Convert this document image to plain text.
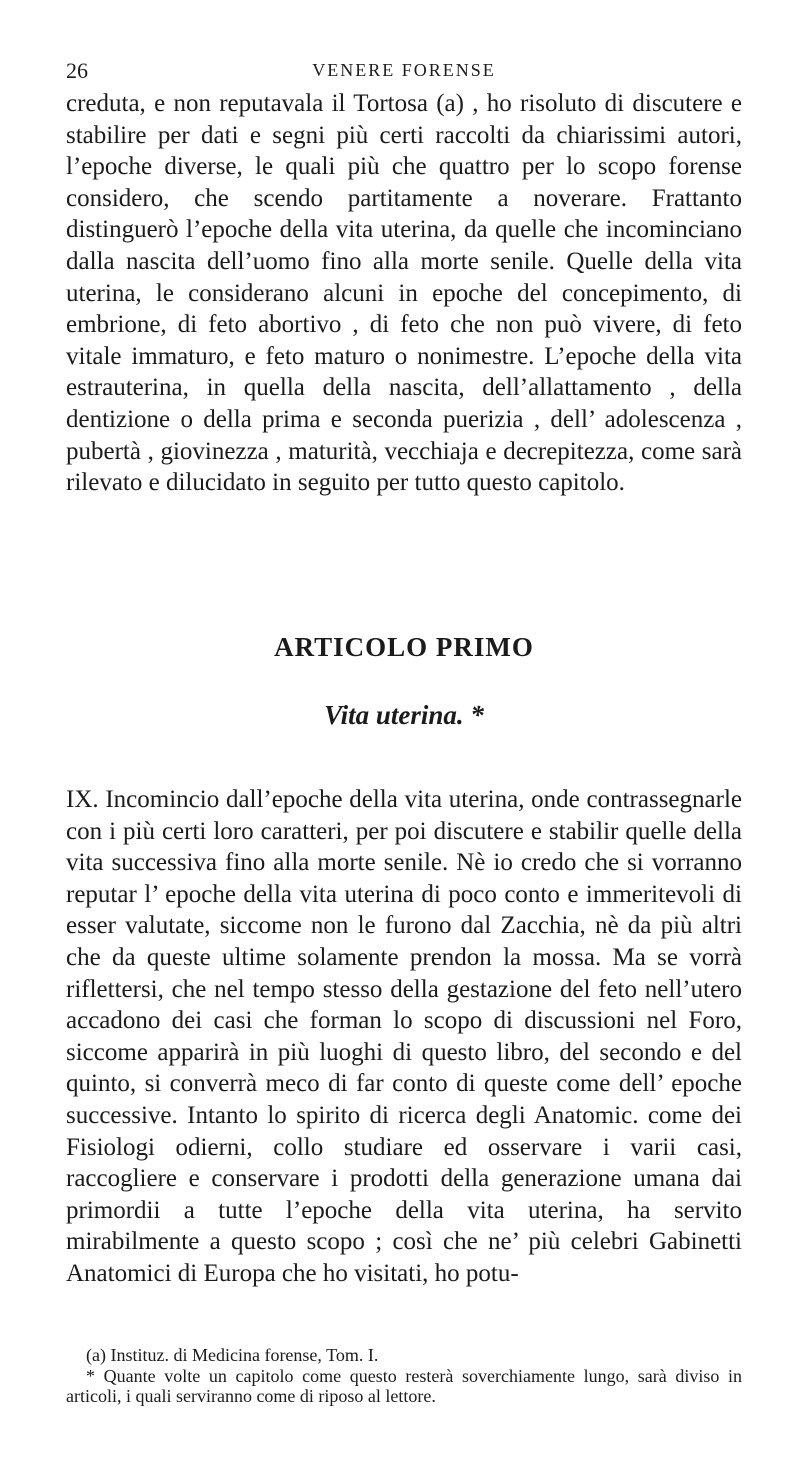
26	VENERE FORENSE

creduta, e non reputavala il Tortosa (a) , ho risoluto di discutere e stabilire per dati e segni più certi raccolti da chiarissimi autori, l’epoche diverse, le quali più che quattro per lo scopo forense considero, che scendo partitamente a noverare. Frattanto distinguerò l’epoche della vita uterina, da quelle che incominciano dalla nascita dell’uomo fino alla morte senile. Quelle della vita uterina, le considerano alcuni in epoche del concepimento, di embrione, di feto abortivo , di feto che non può vivere, di feto vitale immaturo, e feto maturo o nonimestre. L’epoche della vita estrauterina, in quella della nascita, dell’allattamento , della dentizione o della prima e seconda puerizia , dell’ adolescenza , pubertà , giovinezza , maturità, vecchiaja e decrepitezza, come sarà rilevato e dilucidato in seguito per tutto questo capitolo.

ARTICOLO PRIMO
Vita uterina. *

IX. Incomincio dall’epoche della vita uterina, onde contrassegnarle con i più certi loro caratteri, per poi discutere e stabilir quelle della vita successiva fino alla morte senile. Nè io credo che si vorranno reputar l’ epoche della vita uterina di poco conto e immeritevoli di esser valutate, siccome non le furono dal Zacchia, nè da più altri che da queste ultime solamente prendon la mossa. Ma se vorrà riflettersi, che nel tempo stesso della gestazione del feto nell’utero accadono dei casi che forman lo scopo di discussioni nel Foro, siccome apparirà in più luoghi di questo libro, del secondo e del quinto, si converrà meco di far conto di queste come dell’ epoche successive. Intanto lo spirito di ricerca degli Anatomic. come dei Fisiologi odierni, collo studiare ed osservare i varii casi, raccogliere e conservare i prodotti della generazione umana dai primordii a tutte l’epoche della vita uterina, ha servito mirabilmente a questo scopo ; così che ne’ più celebri Gabinetti Anatomici di Europa che ho visitati, ho potu-

(a) Instituz. di Medicina forense, Tom. I.

* Quante volte un capitolo come questo resterà soverchiamente lungo, sarà diviso in articoli, i quali serviranno come di riposo al lettore.
